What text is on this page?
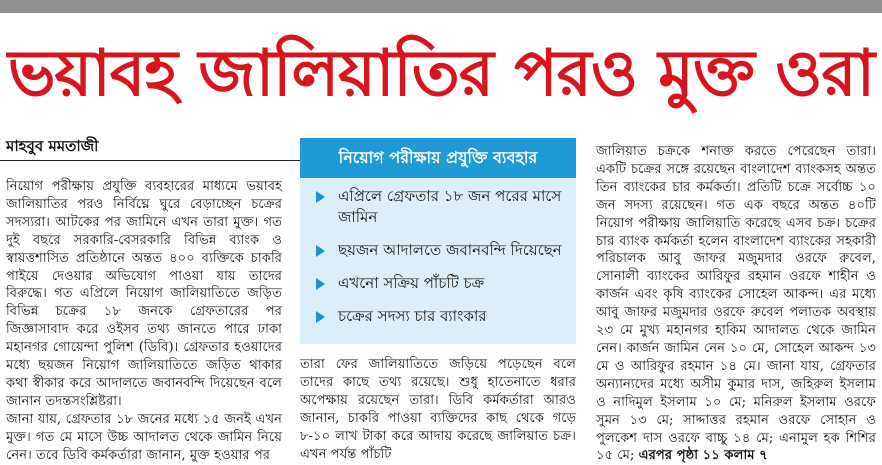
ভয়াবহ জালিয়াতির পরও মুক্ত ওরা
মাহবুব মমতাজী

নিয়োগ পরীক্ষায় প্রযুক্তি ব্যবহারের মাধ্যমে ভয়াবহ জালিয়াতির পরও নির্বিঘ্নে ঘুরে বেড়াচ্ছেন চক্রের সদস্যরা। আটকের পর জামিনে এখন তারা মুক্ত। গত দুই বছরে সরকারি-বেসরকারি বিভিন্ন ব্যাংক ও স্বায়ত্তশাসিত প্রতিষ্ঠানে অন্তত ৪০০ ব্যক্তিকে চাকরি পাইয়ে দেওয়ার অভিযোগ পাওয়া যায় তাদের বিরুদ্ধে। গত এপ্রিলে নিয়োগ জালিয়াতিতে জড়িত বিভিন্ন চক্রের ১৮ জনকে গ্রেফতারের পর জিজ্ঞাসাবাদ করে ওইসব তথ্য জানতে পারে ঢাকা মহানগর গোয়েন্দা পুলিশ (ডিবি)। গ্রেফতার হওয়াদের মধ্যে ছয়জন নিয়োগ জালিয়াতিতে জড়িত থাকার কথা স্বীকার করে আদালতে জবানবন্দি দিয়েছেন বলে জানান তদন্তসংশ্লিষ্টরা।

জানা যায়, গ্রেফতার ১৮ জনের মধ্যে ১৫ জনই এখন মুক্ত। গত মে মাসে উচ্চ আদালত থেকে জামিন নিয়ে নেন। তবে ডিবি কর্মকর্তারা জানান, মুক্ত হওয়ার পর

নিয়োগ পরীক্ষায় প্রযুক্তি ব্যবহার
এপ্রিলে গ্রেফতার ১৮ জন পরের মাসে জামিন
ছয়জন আদালতে জবানবন্দি দিয়েছেন
এখনো সক্রিয় পাঁচটি চক্র
চক্রের সদস্য চার ব্যাংকার

তারা ফের জালিয়াতিতে জড়িয়ে পড়েছেন বলে তাদের কাছে তথ্য রয়েছে। শুধু হাতেনাতে ধরার অপেক্ষায় রয়েছেন তারা। ডিবি কর্মকর্তারা আরও জানান, চাকরি পাওয়া ব্যক্তিদের কাছ থেকে গড়ে ৮-১০ লাখ টাকা করে আদায় করেছে জালিয়াত চক্র। এখন পর্যন্ত পাঁচটি

জালিয়াত চক্রকে শনাক্ত করতে পেরেছেন তারা। একটি চক্রের সঙ্গে রয়েছেন বাংলাদেশ ব্যাংকসহ অন্তত তিন ব্যাংকের চার কর্মকর্তা। প্রতিটি চক্রে সর্বোচ্চ ১০ জন সদস্য রয়েছেন। গত এক বছরে অন্তত ৪০টি নিয়োগ পরীক্ষায় জালিয়াতি করেছে এসব চক্র। চক্রের চার ব্যাংক কর্মকর্তা হলেন বাংলাদেশ ব্যাংকের সহকারী পরিচালক আবু জাফর মজুমদার ওরফে রুবেল, সোনালী ব্যাংকের আরিফুর রহমান ওরফে শাহীন ও কার্জন এবং কৃষি ব্যাংকের সোহেল আকন্দ। এর মধ্যে আবু জাফর মজুমদার ওরফে রুবেল পলাতক অবস্থায় ২৩ মে মুখ্য মহানগর হাকিম আদালত থেকে জামিন নেন। কার্জন জামিন নেন ১০ মে, সোহেল আকন্দ ১৩ মে ও আরিফুর রহমান ১৪ মে। জানা যায়, গ্রেফতার অন্যান্যদের মধ্যে অসীম কুমার দাস, জহিরুল ইসলাম ও নাদিমুল ইসলাম ১০ মে; মনিরুল ইসলাম ওরফে সুমন ১৩ মে; সাদ্দাত্তর রহমান ওরফে সোহান ও পুলকেশ দাস ওরফে বাচ্চু ১৪ মে; এনামুল হক শিশির ১৫ মে; এরপর পৃষ্ঠা ১১ কলাম ৭
